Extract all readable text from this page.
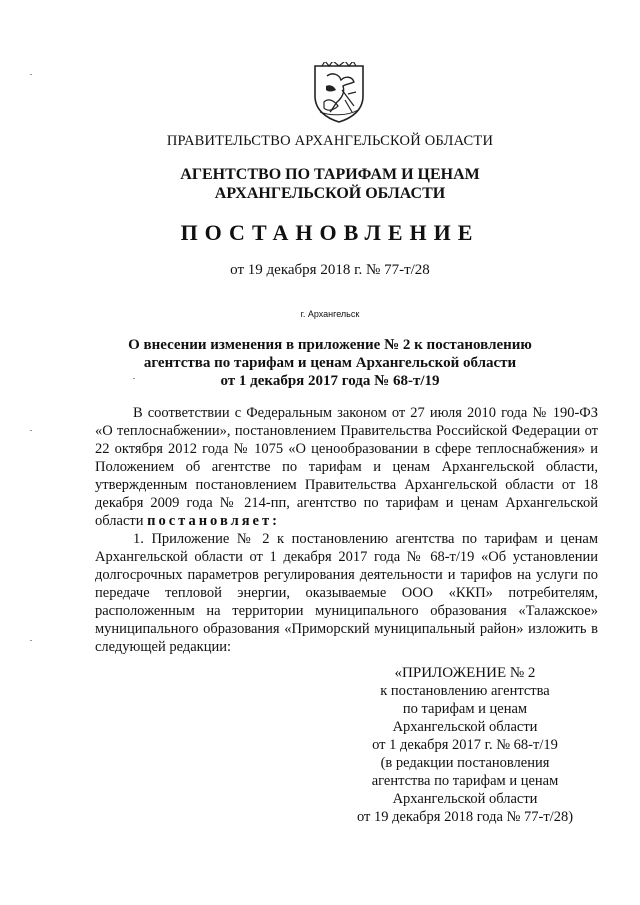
ПРАВИТЕЛЬСТВО АРХАНГЕЛЬСКОЙ ОБЛАСТИ
АГЕНТСТВО ПО ТАРИФАМ И ЦЕНАМ
АРХАНГЕЛЬСКОЙ ОБЛАСТИ
ПОСТАНОВЛЕНИЕ
от 19 декабря 2018 г. № 77-т/28
г. Архангельск
О внесении изменения в приложение № 2 к постановлению
агентства по тарифам и ценам Архангельской области
от 1 декабря 2017 года № 68-т/19

В соответствии с Федеральным законом от 27 июля 2010 года № 190-ФЗ «О теплоснабжении», постановлением Правительства Российской Федерации от 22 октября 2012 года № 1075 «О ценообразовании в сфере теплоснабжения» и Положением об агентстве по тарифам и ценам Архангельской области, утвержденным постановлением Правительства Архангельской области от 18 декабря 2009 года № 214-пп, агентство по тарифам и ценам Архангельской области постановляет:

1. Приложение № 2 к постановлению агентства по тарифам и ценам Архангельской области от 1 декабря 2017 года № 68-т/19 «Об установлении долгосрочных параметров регулирования деятельности и тарифов на услуги по передаче тепловой энергии, оказываемые ООО «ККП» потребителям, расположенным на территории муниципального образования «Талажское» муниципального образования «Приморский муниципальный район» изложить в следующей редакции:

«ПРИЛОЖЕНИЕ № 2
к постановлению агентства
по тарифам и ценам
Архангельской области
от 1 декабря 2017 г. № 68-т/19
(в редакции постановления
агентства по тарифам и ценам
Архангельской области
от 19 декабря 2018 года № 77-т/28)
